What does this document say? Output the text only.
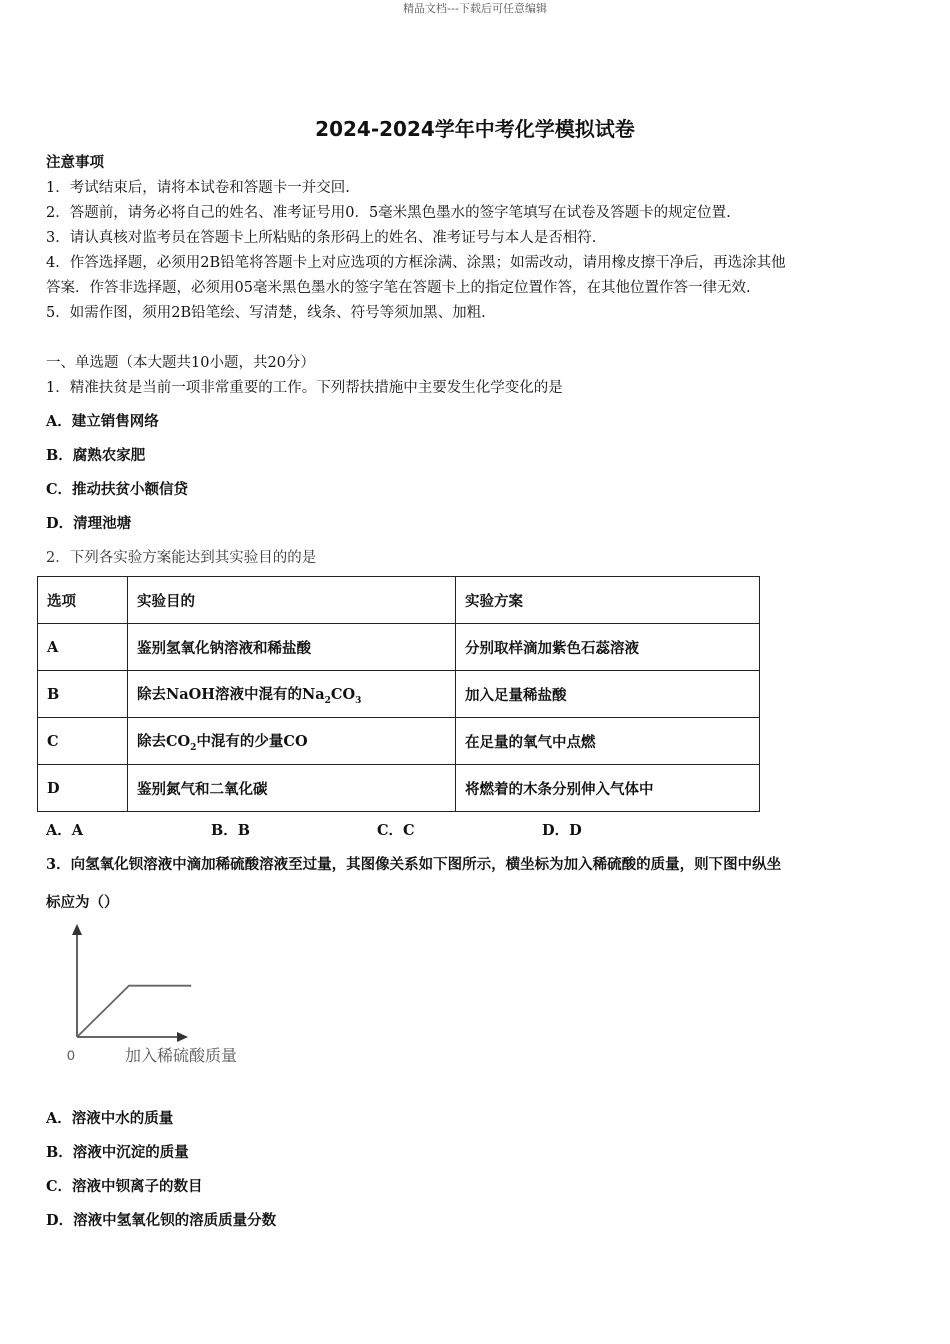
精品文档---下载后可任意编辑
2024-2024学年中考化学模拟试卷
注意事项
1．考试结束后，请将本试卷和答题卡一并交回.
2．答题前，请务必将自己的姓名、准考证号用0．5毫米黑色墨水的签字笔填写在试卷及答题卡的规定位置.
3．请认真核对监考员在答题卡上所粘贴的条形码上的姓名、准考证号与本人是否相符.
4．作答选择题，必须用2B铅笔将答题卡上对应选项的方框涂满、涂黑；如需改动，请用橡皮擦干净后，再选涂其他
答案．作答非选择题，必须用05毫米黑色墨水的签字笔在答题卡上的指定位置作答，在其他位置作答一律无效.
5．如需作图，须用2B铅笔绘、写清楚，线条、符号等须加黑、加粗.
一、单选题（本大题共10小题，共20分）
1．精准扶贫是当前一项非常重要的工作。下列帮扶措施中主要发生化学变化的是
A．建立销售网络
B．腐熟农家肥
C．推动扶贫小额信贷
D．清理池塘
2．下列各实验方案能达到其实验目的的是
选项	实验目的	实验方案
A	鉴别氢氧化钠溶液和稀盐酸	分别取样滴加紫色石蕊溶液
B	除去NaOH溶液中混有的$Na_2CO_3$	加入足量稀盐酸
C	除去$CO_2$中混有的少量CO	在足量的氧气中点燃
D	鉴别氮气和二氧化碳	将燃着的木条分别伸入气体中
A．A	B．B	C．C	D．D
3．向氢氧化钡溶液中滴加稀硫酸溶液至过量，其图像关系如下图所示，横坐标为加入稀硫酸的质量，则下图中纵坐
标应为（）
0	加入稀硫酸质量
A．溶液中水的质量
B．溶液中沉淀的质量
C．溶液中钡离子的数目
D．溶液中氢氧化钡的溶质质量分数
